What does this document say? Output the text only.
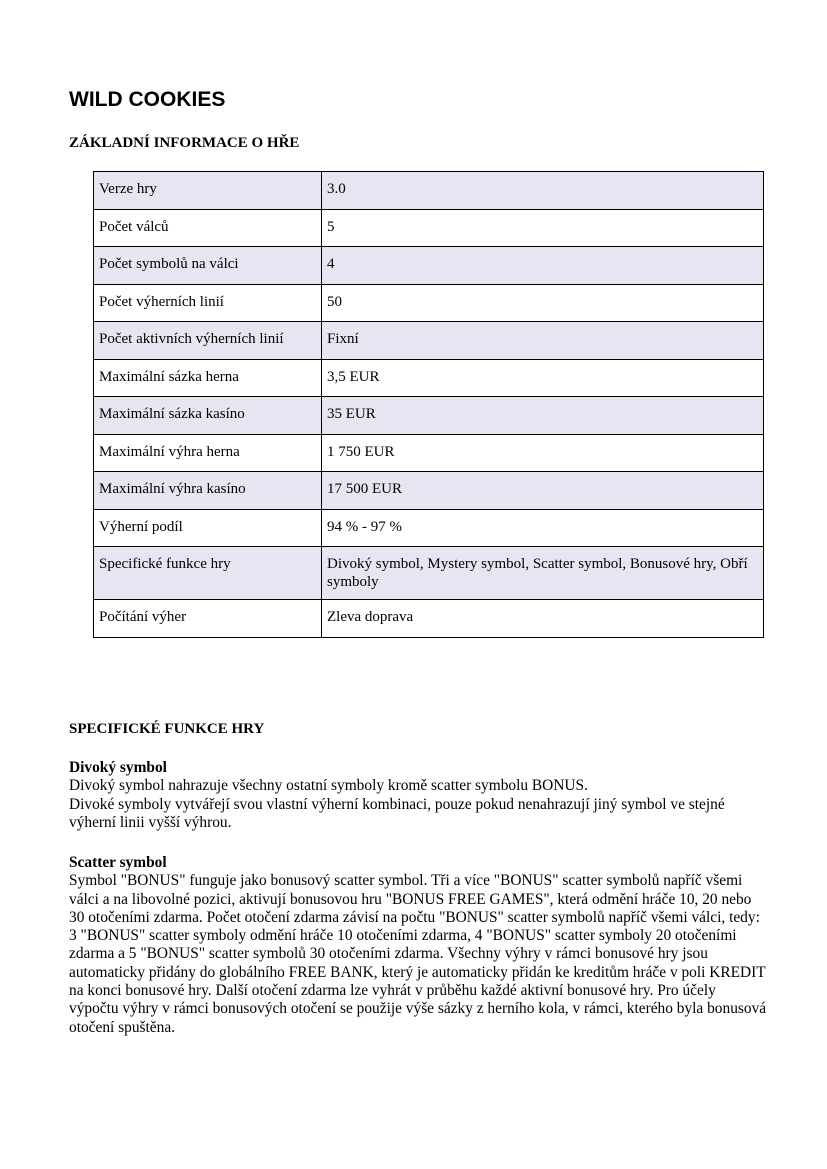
WILD COOKIES
ZÁKLADNÍ INFORMACE O HŘE
Verze hry	3.0
Počet válců	5
Počet symbolů na válci	4
Počet výherních linií	50
Počet aktivních výherních linií	Fixní
Maximální sázka herna	3,5 EUR
Maximální sázka kasíno	35 EUR
Maximální výhra herna	1 750 EUR
Maximální výhra kasíno	17 500 EUR
Výherní podíl	94 % - 97 %
Specifické funkce hry	Divoký symbol, Mystery symbol, Scatter symbol, Bonusové hry, Obří symboly
Počítání výher	Zleva doprava
SPECIFICKÉ FUNKCE HRY
Divoký symbol
Divoký symbol nahrazuje všechny ostatní symboly kromě scatter symbolu BONUS.
Divoké symboly vytvářejí svou vlastní výherní kombinaci, pouze pokud nenahrazují jiný symbol ve stejné výherní linii vyšší výhrou.
Scatter symbol
Symbol "BONUS" funguje jako bonusový scatter symbol. Tři a více "BONUS" scatter symbolů napříč všemi válci a na libovolné pozici, aktivují bonusovou hru "BONUS FREE GAMES", která odmění hráče 10, 20 nebo 30 otočeními zdarma. Počet otočení zdarma závisí na počtu "BONUS" scatter symbolů napříč všemi válci, tedy: 3 "BONUS" scatter symboly odmění hráče 10 otočeními zdarma, 4 "BONUS" scatter symboly 20 otočeními zdarma a 5 "BONUS" scatter symbolů 30 otočeními zdarma. Všechny výhry v rámci bonusové hry jsou automaticky přidány do globálního FREE BANK, který je automaticky přidán ke kreditům hráče v poli KREDIT na konci bonusové hry. Další otočení zdarma lze vyhrát v průběhu každé aktivní bonusové hry. Pro účely výpočtu výhry v rámci bonusových otočení se použije výše sázky z herního kola, v rámci, kterého byla bonusová otočení spuštěna.
